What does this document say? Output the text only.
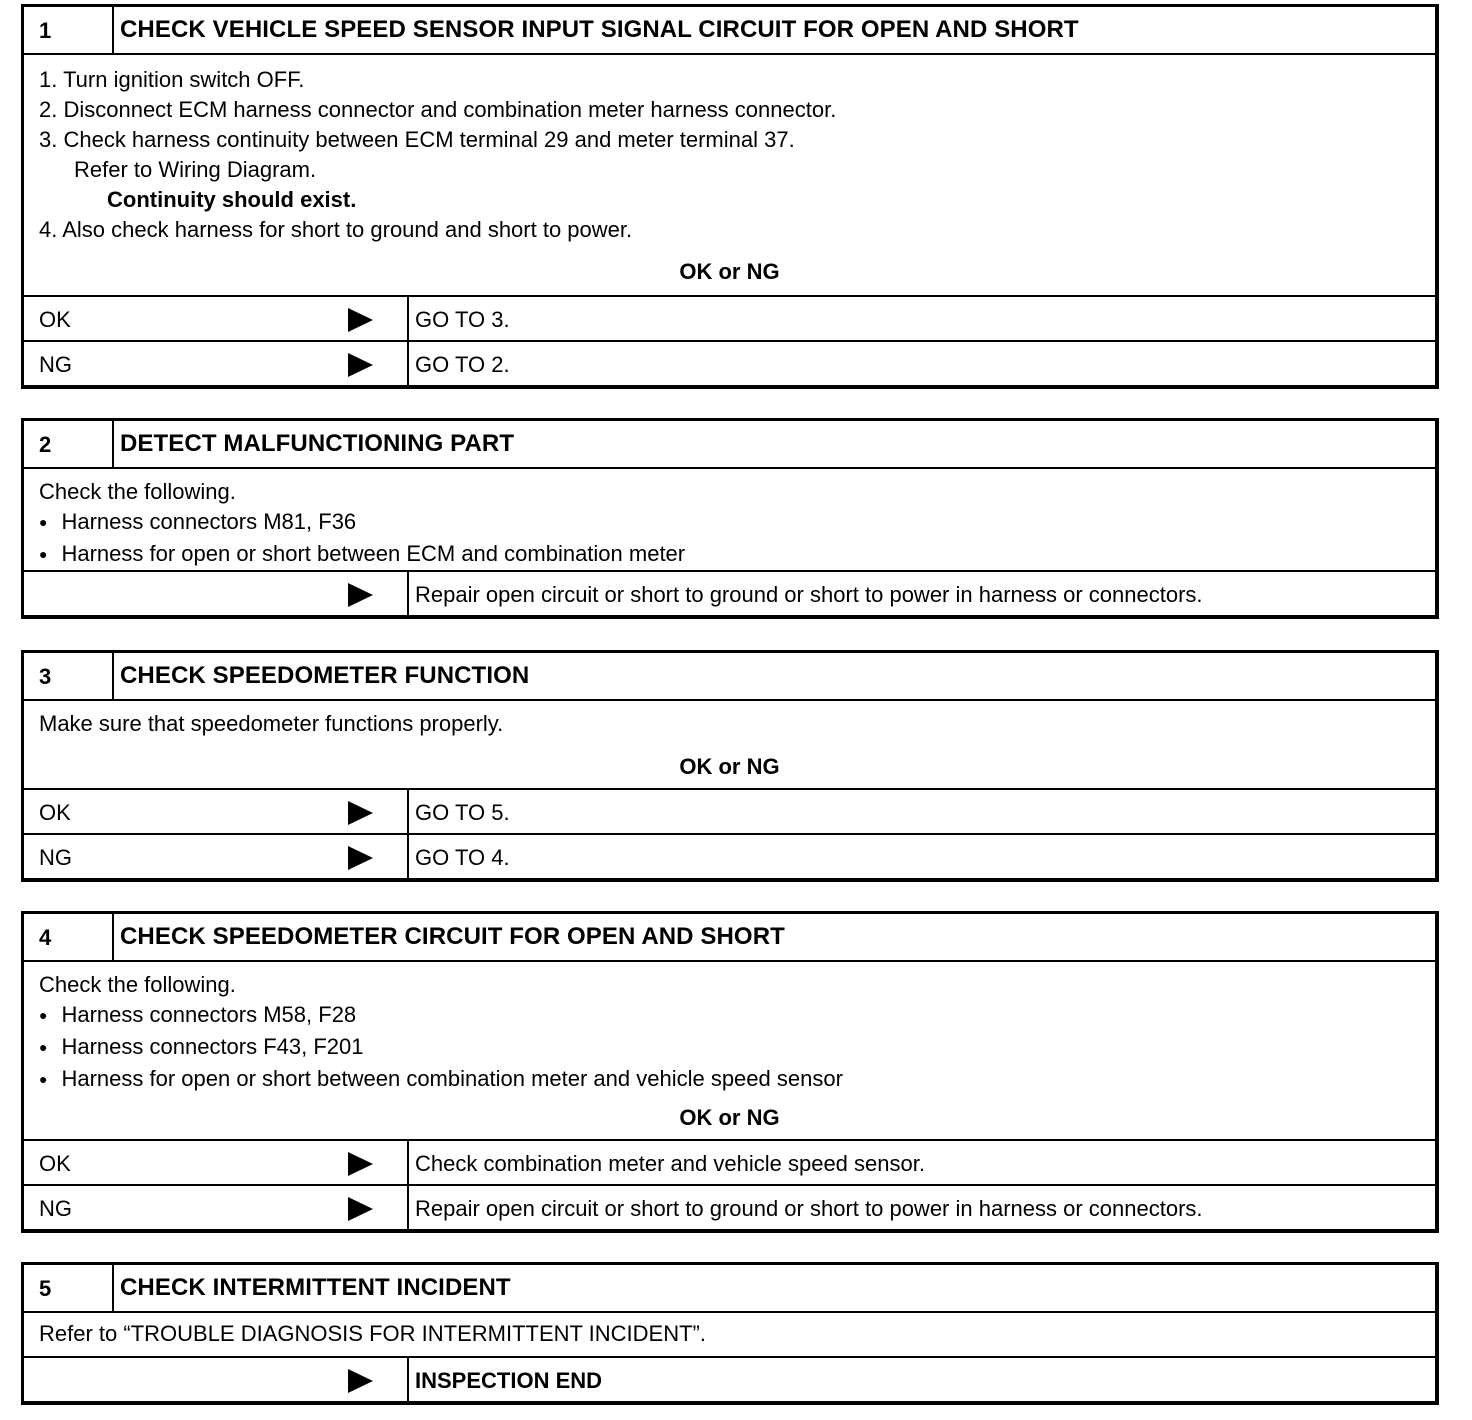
1	CHECK VEHICLE SPEED SENSOR INPUT SIGNAL CIRCUIT FOR OPEN AND SHORT
1. Turn ignition switch OFF.
2. Disconnect ECM harness connector and combination meter harness connector.
3. Check harness continuity between ECM terminal 29 and meter terminal 37.
Refer to Wiring Diagram.
Continuity should exist.
4. Also check harness for short to ground and short to power.
OK or NG
OK	GO TO 3.
NG	GO TO 2.
2	DETECT MALFUNCTIONING PART
Check the following.
● Harness connectors M81, F36
● Harness for open or short between ECM and combination meter
Repair open circuit or short to ground or short to power in harness or connectors.
3	CHECK SPEEDOMETER FUNCTION
Make sure that speedometer functions properly.
OK or NG
OK	GO TO 5.
NG	GO TO 4.
4	CHECK SPEEDOMETER CIRCUIT FOR OPEN AND SHORT
Check the following.
● Harness connectors M58, F28
● Harness connectors F43, F201
● Harness for open or short between combination meter and vehicle speed sensor
OK or NG
OK	Check combination meter and vehicle speed sensor.
NG	Repair open circuit or short to ground or short to power in harness or connectors.
5	CHECK INTERMITTENT INCIDENT
Refer to “TROUBLE DIAGNOSIS FOR INTERMITTENT INCIDENT”.
INSPECTION END
